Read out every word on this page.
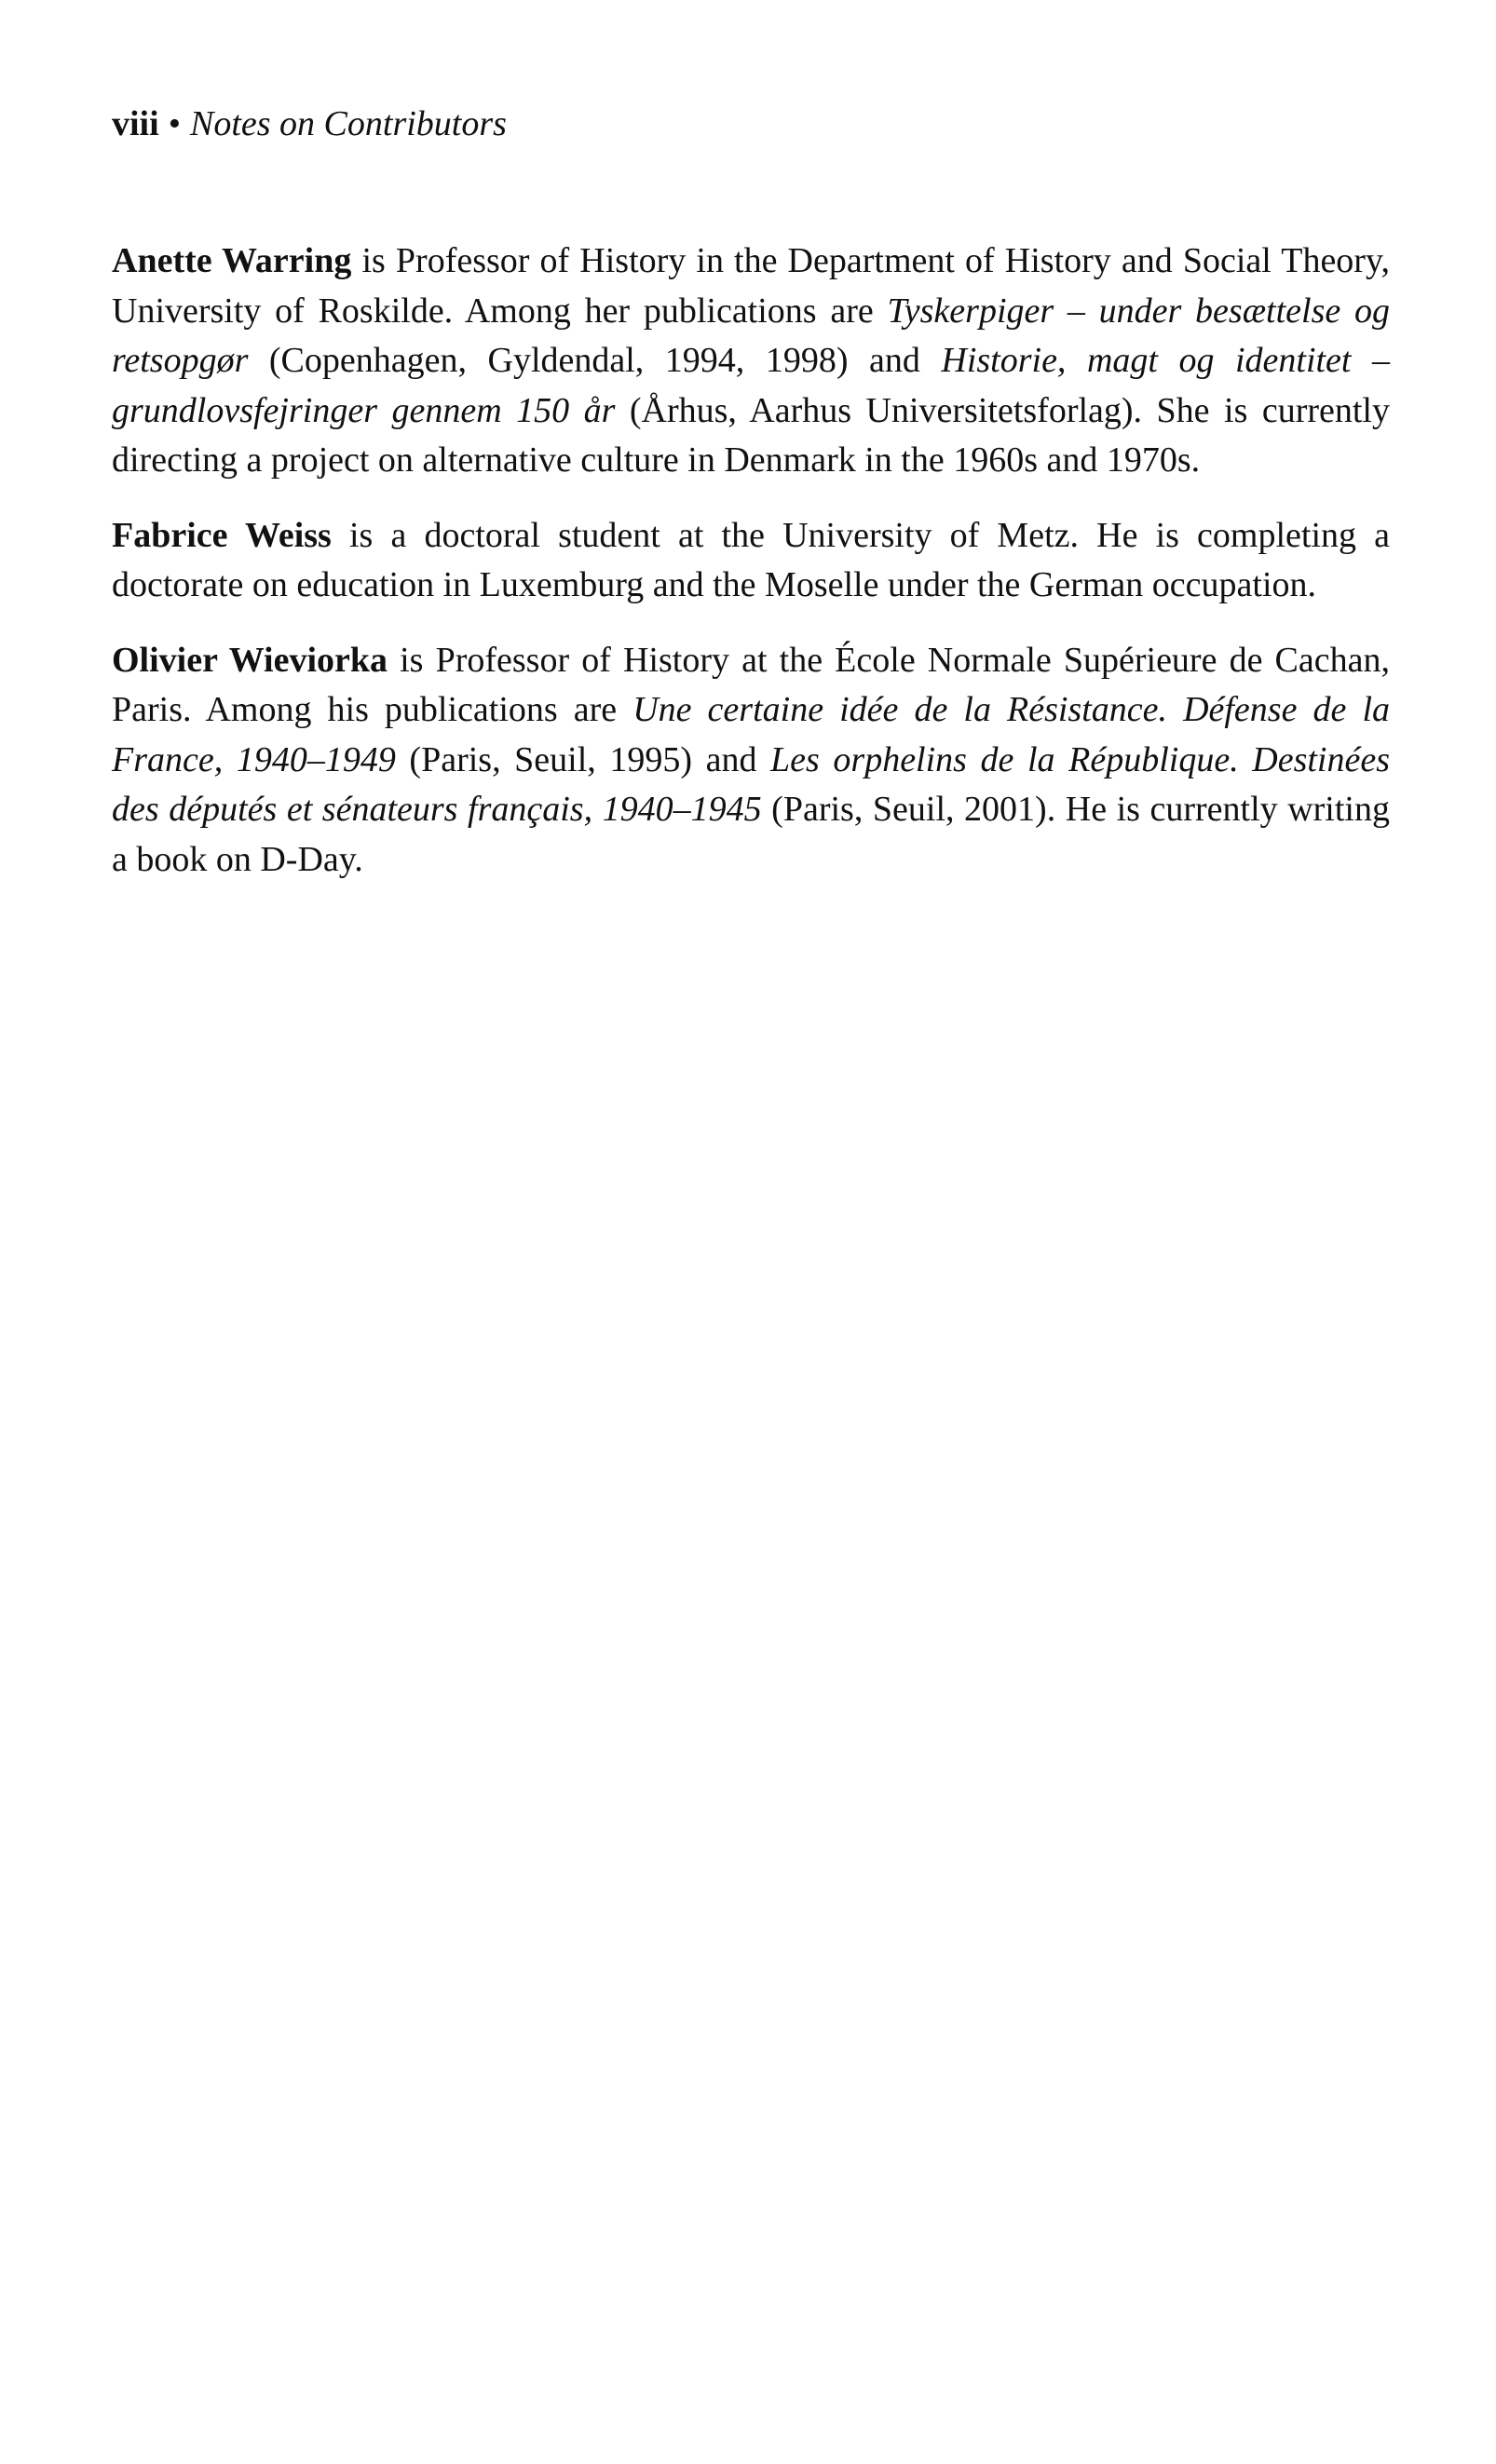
viii • Notes on Contributors

Anette Warring is Professor of History in the Department of History and Social Theory, University of Roskilde. Among her publications are Tyskerpiger – under besættelse og retsopgør (Copenhagen, Gyldendal, 1994, 1998) and Historie, magt og identitet – grundlovsfejringer gennem 150 år (Århus, Aarhus Universitetsforlag). She is currently directing a project on alternative culture in Denmark in the 1960s and 1970s.

Fabrice Weiss is a doctoral student at the University of Metz. He is completing a doctorate on education in Luxemburg and the Moselle under the German occupation.

Olivier Wieviorka is Professor of History at the École Normale Supérieure de Cachan, Paris. Among his publications are Une certaine idée de la Résistance. Défense de la France, 1940–1949 (Paris, Seuil, 1995) and Les orphelins de la République. Destinées des députés et sénateurs français, 1940–1945 (Paris, Seuil, 2001). He is currently writing a book on D-Day.
